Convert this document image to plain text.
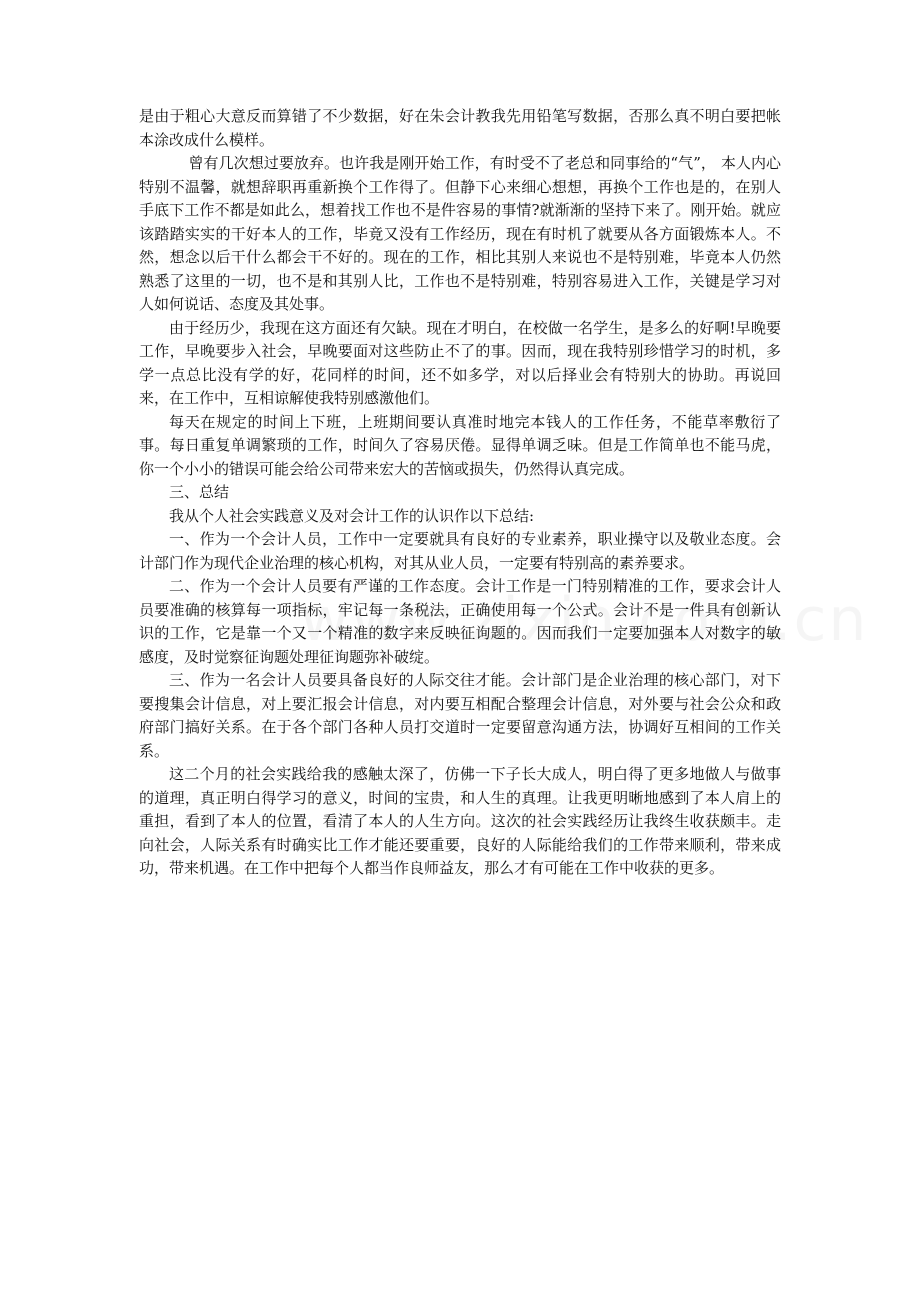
是由于粗心大意反而算错了不少数据，好在朱会计教我先用铅笔写数据，否那么真不明白要把帐本涂改成什么模样。

曾有几次想过要放弃。也许我是刚开始工作，有时受不了老总和同事给的“气”， 本人内心特别不温馨，就想辞职再重新换个工作得了。但静下心来细心想想，再换个工作也是的，在别人手底下工作不都是如此么，想着找工作也不是件容易的事情?就渐渐的坚持下来了。刚开始。就应该踏踏实实的干好本人的工作，毕竟又没有工作经历，现在有时机了就要从各方面锻炼本人。不然，想念以后干什么都会干不好的。现在的工作，相比其别人来说也不是特别难，毕竟本人仍然熟悉了这里的一切，也不是和其别人比，工作也不是特别难，特别容易进入工作，关键是学习对人如何说话、态度及其处事。

由于经历少，我现在这方面还有欠缺。现在才明白，在校做一名学生，是多么的好啊!早晚要工作，早晚要步入社会，早晚要面对这些防止不了的事。因而，现在我特别珍惜学习的时机，多学一点总比没有学的好，花同样的时间，还不如多学，对以后择业会有特别大的协助。再说回来，在工作中，互相谅解使我特别感激他们。

每天在规定的时间上下班，上班期间要认真准时地完本钱人的工作任务，不能草率敷衍了事。每日重复单调繁琐的工作，时间久了容易厌倦。显得单调乏味。但是工作简单也不能马虎，你一个小小的错误可能会给公司带来宏大的苦恼或损失，仍然得认真完成。

三、总结

我从个人社会实践意义及对会计工作的认识作以下总结:

一、作为一个会计人员，工作中一定要就具有良好的专业素养，职业操守以及敬业态度。会计部门作为现代企业治理的核心机构，对其从业人员，一定要有特别高的素养要求。

二、作为一个会计人员要有严谨的工作态度。会计工作是一门特别精准的工作，要求会计人员要准确的核算每一项指标，牢记每一条税法，正确使用每一个公式。会计不是一件具有创新认识的工作，它是靠一个又一个精准的数字来反映征询题的。因而我们一定要加强本人对数字的敏感度，及时觉察征询题处理征询题弥补破绽。

三、作为一名会计人员要具备良好的人际交往才能。会计部门是企业治理的核心部门，对下要搜集会计信息，对上要汇报会计信息，对内要互相配合整理会计信息，对外要与社会公众和政府部门搞好关系。在于各个部门各种人员打交道时一定要留意沟通方法，协调好互相间的工作关系。

这二个月的社会实践给我的感触太深了，仿佛一下子长大成人，明白得了更多地做人与做事的道理，真正明白得学习的意义，时间的宝贵，和人生的真理。让我更明晰地感到了本人肩上的重担，看到了本人的位置，看清了本人的人生方向。这次的社会实践经历让我终生收获颇丰。走向社会，人际关系有时确实比工作才能还要重要，良好的人际能给我们的工作带来顺利，带来成功，带来机遇。在工作中把每个人都当作良师益友，那么才有可能在工作中收获的更多。
